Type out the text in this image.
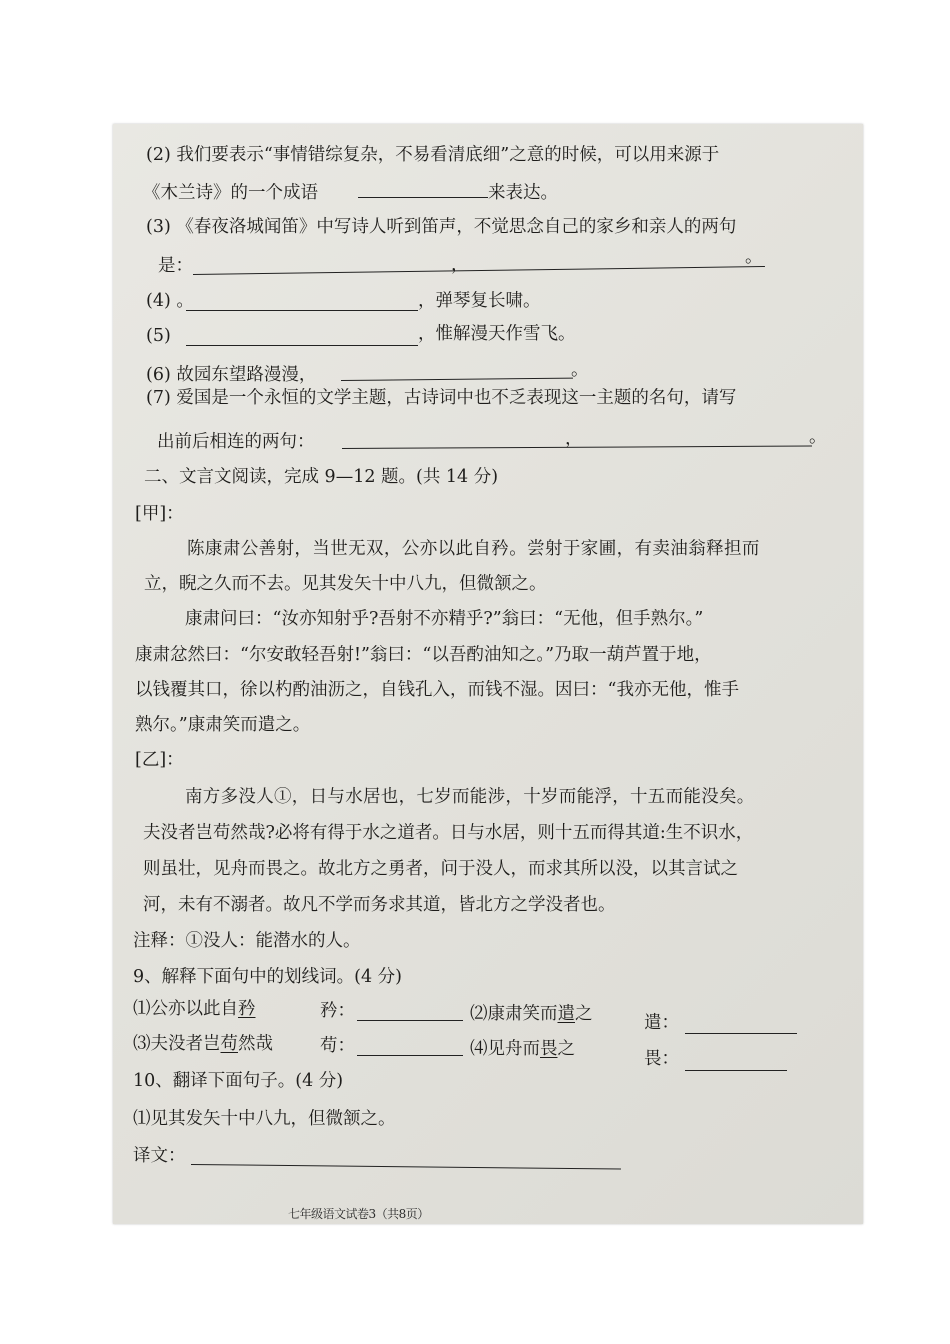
(2) 我们要表示“事情错综复杂，不易看清底细”之意的时候，可以用来源于
《木兰诗》的一个成语	来表达。
(3) 《春夜洛城闻笛》中写诗人听到笛声，不觉思念自己的家乡和亲人的两句
是：	，	。
(4) 。	，弹琴复长啸。
(5)	，惟解漫天作雪飞。
(6) 故园东望路漫漫，	。
(7) 爱国是一个永恒的文学主题，古诗词中也不乏表现这一主题的名句，请写
出前后相连的两句：	，	。
二、文言文阅读，完成 9—12 题。(共 14 分)
[甲]：
陈康肃公善射，当世无双，公亦以此自矜。尝射于家圃，有卖油翁释担而
立，睨之久而不去。见其发矢十中八九，但微颔之。
康肃问曰：“汝亦知射乎?吾射不亦精乎?”翁曰：“无他，但手熟尔。”
康肃忿然曰：“尔安敢轻吾射!”翁曰：“以吾酌油知之。”乃取一葫芦置于地，
以钱覆其口，徐以杓酌油沥之，自钱孔入，而钱不湿。因曰：“我亦无他，惟手
熟尔。”康肃笑而遣之。
[乙]：
南方多没人①，日与水居也，七岁而能涉，十岁而能浮，十五而能没矣。
夫没者岂苟然哉?必将有得于水之道者。日与水居，则十五而得其道:生不识水，
则虽壮，见舟而畏之。故北方之勇者，问于没人，而求其所以没，以其言试之
河，未有不溺者。故凡不学而务求其道，皆北方之学没者也。
注释：①没人：能潜水的人。
9、解释下面句中的划线词。(4 分)
⑴公亦以此自矜	矜：	⑵康肃笑而遣之	遣：
⑶夫没者岂苟然哉	苟：	⑷见舟而畏之	畏：
10、翻译下面句子。(4 分)
⑴见其发矢十中八九，但微颔之。
译文：
七年级语文试卷3（共8页）
